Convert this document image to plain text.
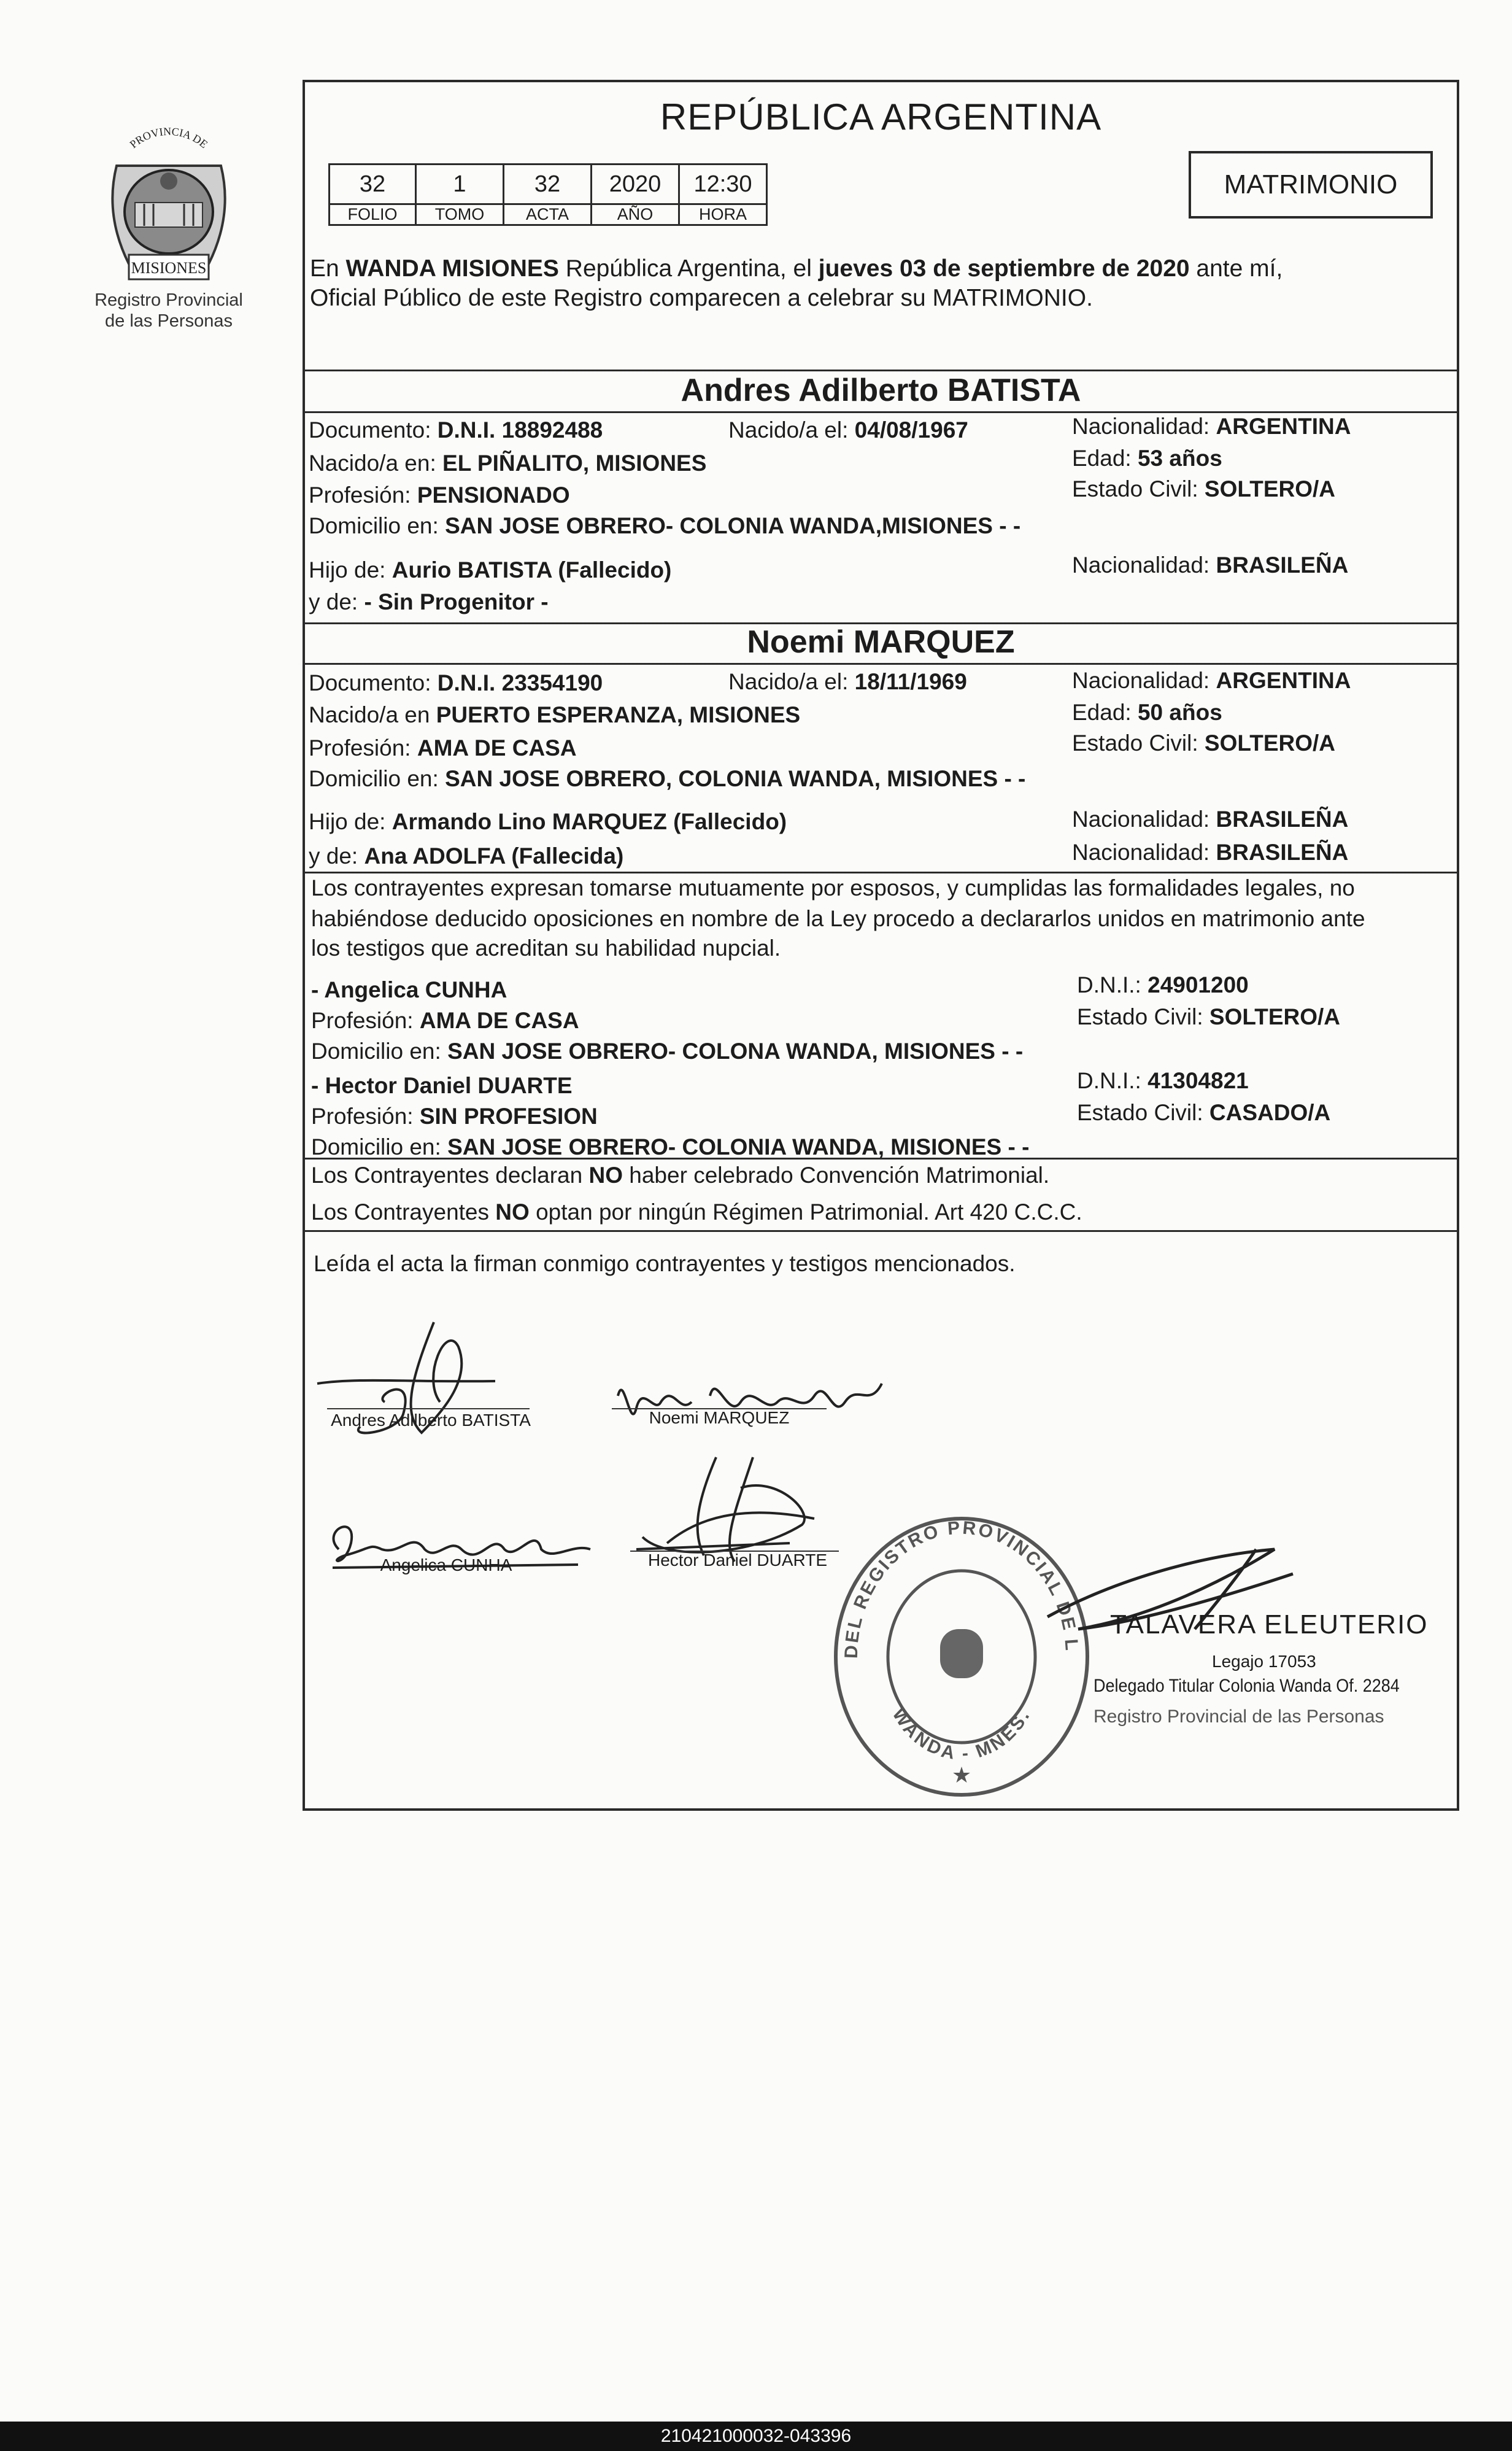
PROVINCIA DE
MISIONES
Registro Provincial
de las Personas
REPÚBLICA ARGENTINA
32	1	32	2020	12:30
FOLIO	TOMO	ACTA	AÑO	HORA
MATRIMONIO
En WANDA MISIONES República Argentina, el jueves 03 de septiembre de 2020 ante mí,
Oficial Público de este Registro comparecen a celebrar su MATRIMONIO.
Andres Adilberto BATISTA
Documento: D.N.I. 18892488	Nacido/a el: 04/08/1967	Nacionalidad: ARGENTINA
Nacido/a en: EL PIÑALITO, MISIONES	Edad: 53 años
Profesión: PENSIONADO	Estado Civil: SOLTERO/A
Domicilio en: SAN JOSE OBRERO- COLONIA WANDA,MISIONES - -
Hijo de: Aurio BATISTA (Fallecido)	Nacionalidad: BRASILEÑA
y de: - Sin Progenitor -
Noemi MARQUEZ
Documento: D.N.I. 23354190	Nacido/a el: 18/11/1969	Nacionalidad: ARGENTINA
Nacido/a en PUERTO ESPERANZA, MISIONES	Edad: 50 años
Profesión: AMA DE CASA	Estado Civil: SOLTERO/A
Domicilio en: SAN JOSE OBRERO, COLONIA WANDA, MISIONES - -
Hijo de: Armando Lino MARQUEZ (Fallecido)	Nacionalidad: BRASILEÑA
y de: Ana ADOLFA (Fallecida)	Nacionalidad: BRASILEÑA
Los contrayentes expresan tomarse mutuamente por esposos, y cumplidas las formalidades legales, no
habiéndose deducido oposiciones en nombre de la Ley procedo a declararlos unidos en matrimonio ante
los testigos que acreditan su habilidad nupcial.
- Angelica CUNHA	D.N.I.: 24901200
Profesión: AMA DE CASA	Estado Civil: SOLTERO/A
Domicilio en: SAN JOSE OBRERO- COLONA WANDA, MISIONES - -
- Hector Daniel DUARTE	D.N.I.: 41304821
Profesión: SIN PROFESION	Estado Civil: CASADO/A
Domicilio en: SAN JOSE OBRERO- COLONIA WANDA, MISIONES - -
Los Contrayentes declaran NO haber celebrado Convención Matrimonial.
Los Contrayentes NO optan por ningún Régimen Patrimonial. Art 420 C.C.C.
Leída el acta la firman conmigo contrayentes y testigos mencionados.
Andres Adilberto BATISTA	Noemi MARQUEZ
Angelica CUNHA	Hector Daniel DUARTE
DELEGACION DEL REGISTRO PROVINCIAL DE LAS PERSONAS
WANDA - MNES.
★
TALAVERA ELEUTERIO
Legajo 17053
Delegado Titular Colonia Wanda Of. 2284
Registro Provincial de las Personas
210421000032-043396
